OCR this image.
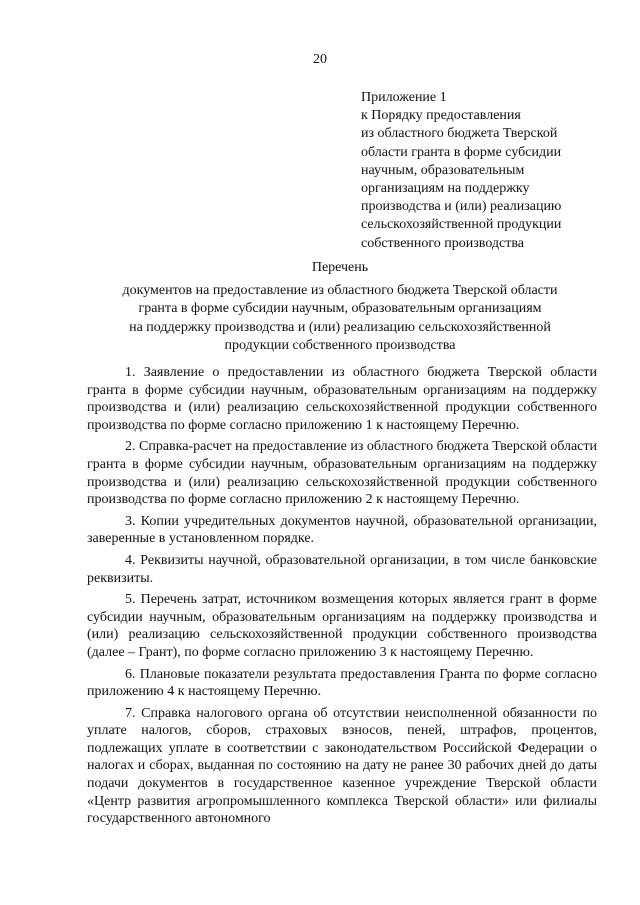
20
Приложение 1
к Порядку предоставления
из областного бюджета Тверской
области гранта в форме субсидии
научным, образовательным
организациям на поддержку
производства и (или) реализацию
сельскохозяйственной продукции
собственного производства
Перечень
документов на предоставление из областного бюджета Тверской области
гранта в форме субсидии научным, образовательным организациям
на поддержку производства и (или) реализацию сельскохозяйственной
продукции собственного производства

1. Заявление о предоставлении из областного бюджета Тверской области гранта в форме субсидии научным, образовательным организациям на поддержку производства и (или) реализацию сельскохозяйственной продукции собственного производства по форме согласно приложению 1 к настоящему Перечню.

2. Справка-расчет на предоставление из областного бюджета Тверской области гранта в форме субсидии научным, образовательным организациям на поддержку производства и (или) реализацию сельскохозяйственной продукции собственного производства по форме согласно приложению 2 к настоящему Перечню.

3. Копии учредительных документов научной, образовательной организации, заверенные в установленном порядке.

4. Реквизиты научной, образовательной организации, в том числе банковские реквизиты.

5. Перечень затрат, источником возмещения которых является грант в форме субсидии научным, образовательным организациям на поддержку производства и (или) реализацию сельскохозяйственной продукции собственного производства (далее – Грант), по форме согласно приложению 3 к настоящему Перечню.

6. Плановые показатели результата предоставления Гранта по форме согласно приложению 4 к настоящему Перечню.

7. Справка налогового органа об отсутствии неисполненной обязанности по уплате налогов, сборов, страховых взносов, пеней, штрафов, процентов, подлежащих уплате в соответствии с законодательством Российской Федерации о налогах и сборах, выданная по состоянию на дату не ранее 30 рабочих дней до даты подачи документов в государственное казенное учреждение Тверской области «Центр развития агропромышленного комплекса Тверской области» или филиалы государственного автономного
